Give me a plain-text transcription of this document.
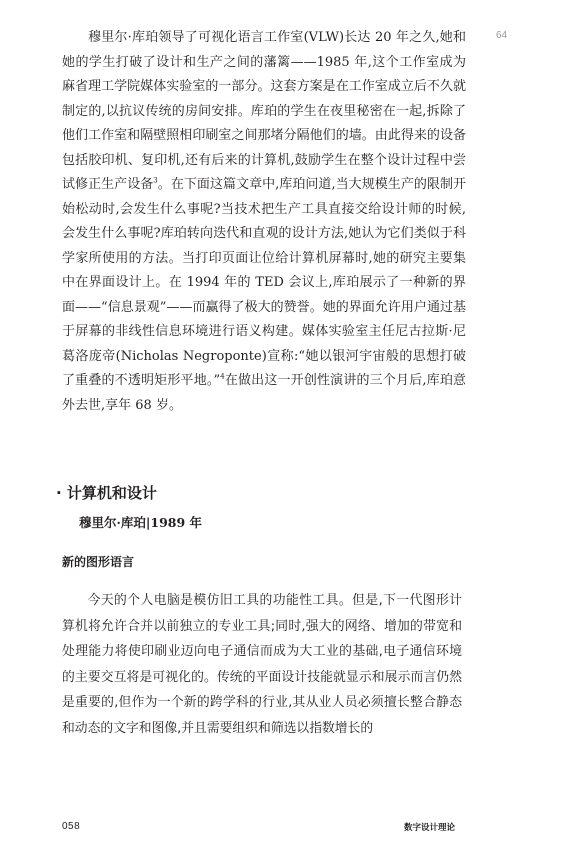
64

穆里尔·库珀领导了可视化语言工作室(VLW)长达 20 年之久,她和她的学生打破了设计和生产之间的藩篱——1985 年,这个工作室成为麻省理工学院媒体实验室的一部分。这套方案是在工作室成立后不久就制定的,以抗议传统的房间安排。库珀的学生在夜里秘密在一起,拆除了他们工作室和隔壁照相印刷室之间那堵分隔他们的墙。由此得来的设备包括胶印机、复印机,还有后来的计算机,鼓励学生在整个设计过程中尝试修正生产设备$^3$。在下面这篇文章中,库珀问道,当大规模生产的限制开始松动时,会发生什么事呢?当技术把生产工具直接交给设计师的时候,会发生什么事呢?库珀转向迭代和直观的设计方法,她认为它们类似于科学家所使用的方法。当打印页面让位给计算机屏幕时,她的研究主要集中在界面设计上。在 1994 年的 TED 会议上,库珀展示了一种新的界面——“信息景观”——而赢得了极大的赞誉。她的界面允许用户通过基于屏幕的非线性信息环境进行语义构建。媒体实验室主任尼古拉斯·尼葛洛庞帝(Nicholas Negroponte)宣称:“她以银河宇宙般的思想打破了重叠的不透明矩形平地。”$^4$在做出这一开创性演讲的三个月后,库珀意外去世,享年 68 岁。

· 计算机和设计
穆里尔·库珀|1989 年
新的图形语言

今天的个人电脑是模仿旧工具的功能性工具。但是,下一代图形计算机将允许合并以前独立的专业工具;同时,强大的网络、增加的带宽和处理能力将使印刷业迈向电子通信而成为大工业的基础,电子通信环境的主要交互将是可视化的。传统的平面设计技能就显示和展示而言仍然是重要的,但作为一个新的跨学科的行业,其从业人员必须擅长整合静态和动态的文字和图像,并且需要组织和筛选以指数增长的

058	数字设计理论
